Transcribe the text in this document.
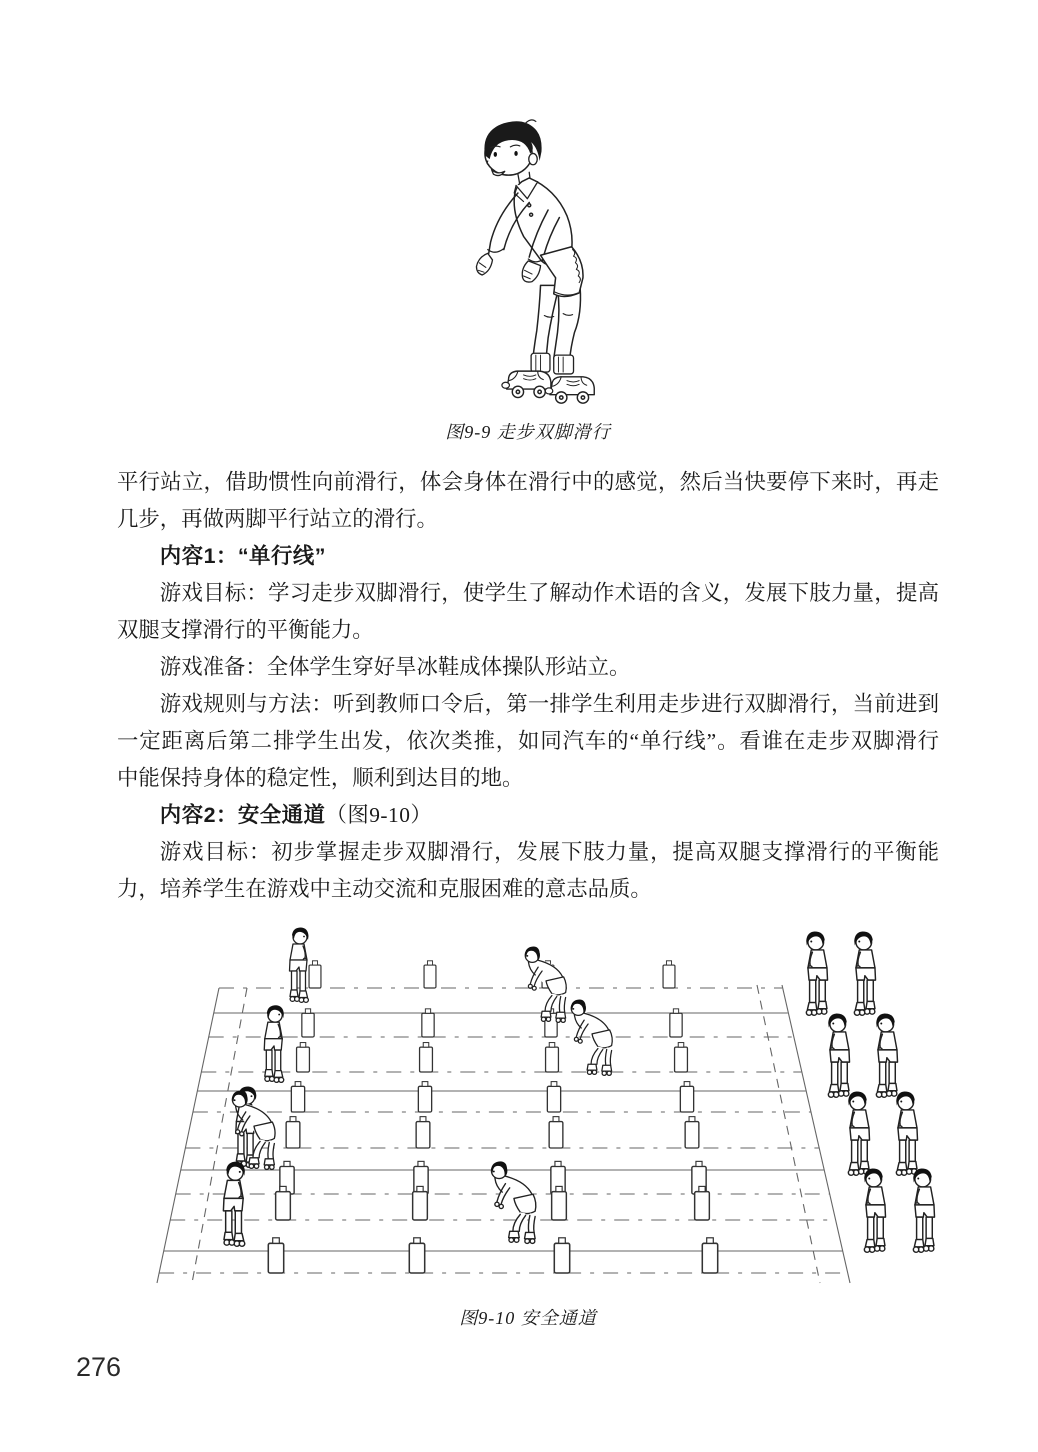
图9-9 走步双脚滑行
平行站立，借助惯性向前滑行，体会身体在滑行中的感觉，然后当快要停下来时，再走
几步，再做两脚平行站立的滑行。
内容1：“单行线”
游戏目标：学习走步双脚滑行，使学生了解动作术语的含义，发展下肢力量，提高
双腿支撑滑行的平衡能力。
游戏准备：全体学生穿好旱冰鞋成体操队形站立。
游戏规则与方法：听到教师口令后，第一排学生利用走步进行双脚滑行，当前进到
一定距离后第二排学生出发，依次类推，如同汽车的“单行线”。看谁在走步双脚滑行
中能保持身体的稳定性，顺利到达目的地。
内容2：安全通道（图9-10）
游戏目标：初步掌握走步双脚滑行，发展下肢力量，提高双腿支撑滑行的平衡能
力，培养学生在游戏中主动交流和克服困难的意志品质。
图9-10 安全通道
276
